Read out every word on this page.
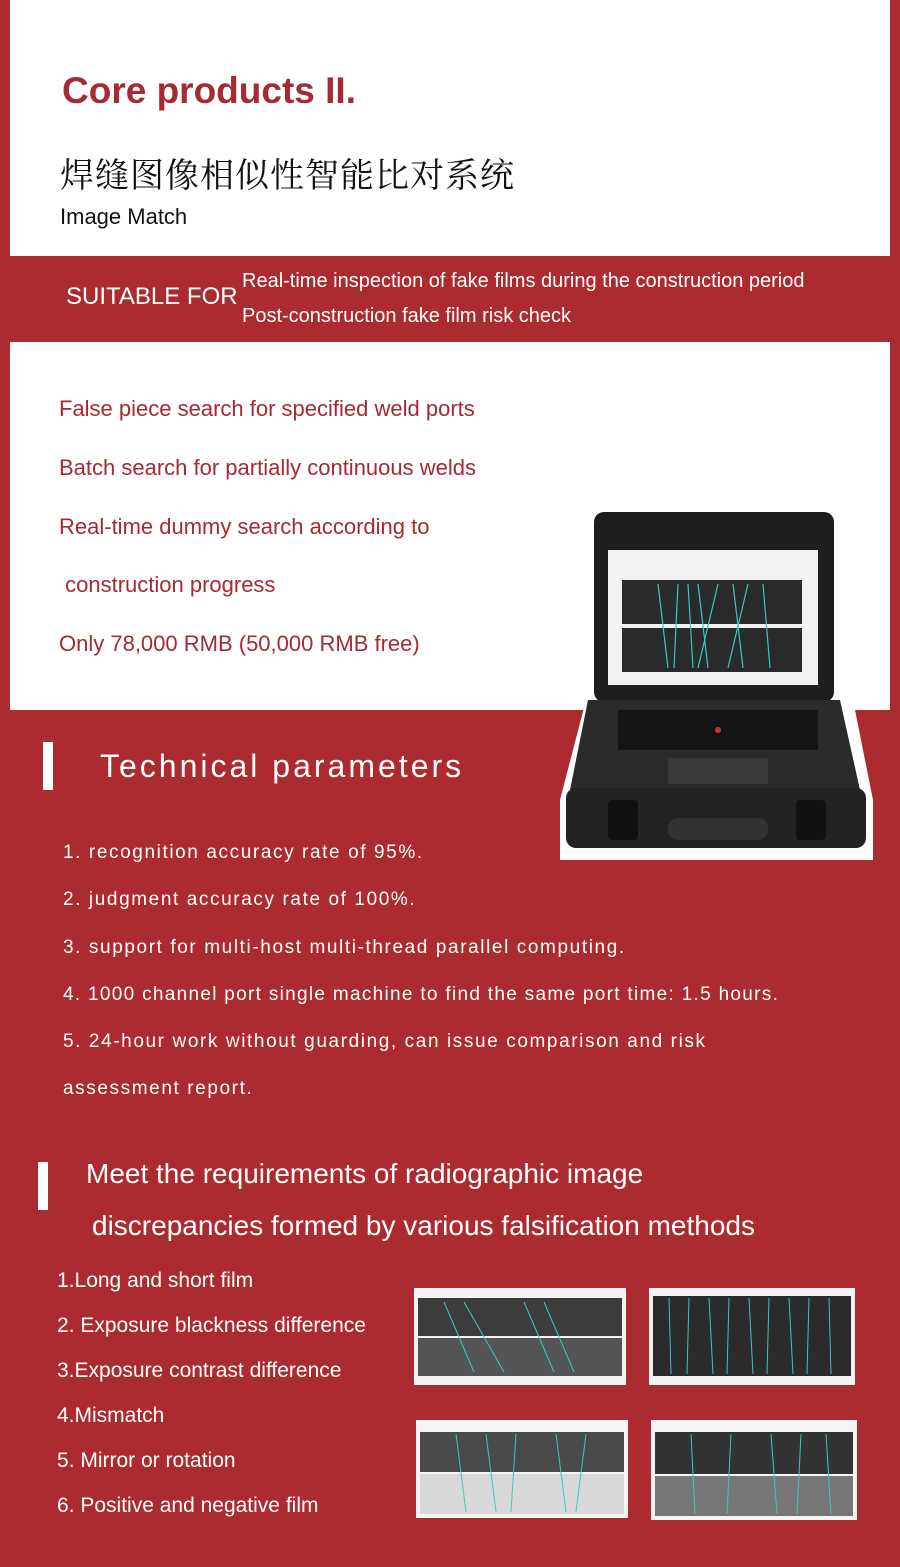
Core products II.
焊缝图像相似性智能比对系统
Image Match
SUITABLE FOR
Real-time inspection of fake films during the construction period
Post-construction fake film risk check
False piece search for specified weld ports
Batch search for partially continuous welds
Real-time dummy search according to
construction progress
Only 78,000 RMB (50,000 RMB free)
Technical parameters
1. recognition accuracy rate of 95%.
2. judgment accuracy rate of 100%.
3. support for multi-host multi-thread parallel computing.
4. 1000 channel port single machine to find the same port time: 1.5 hours.
5. 24-hour work without guarding, can issue comparison and risk
assessment report.
Meet the requirements of radiographic image
discrepancies formed by various falsification methods
1.Long and short film
2. Exposure blackness difference
3.Exposure contrast difference
4.Mismatch
5. Mirror or rotation
6. Positive and negative film
